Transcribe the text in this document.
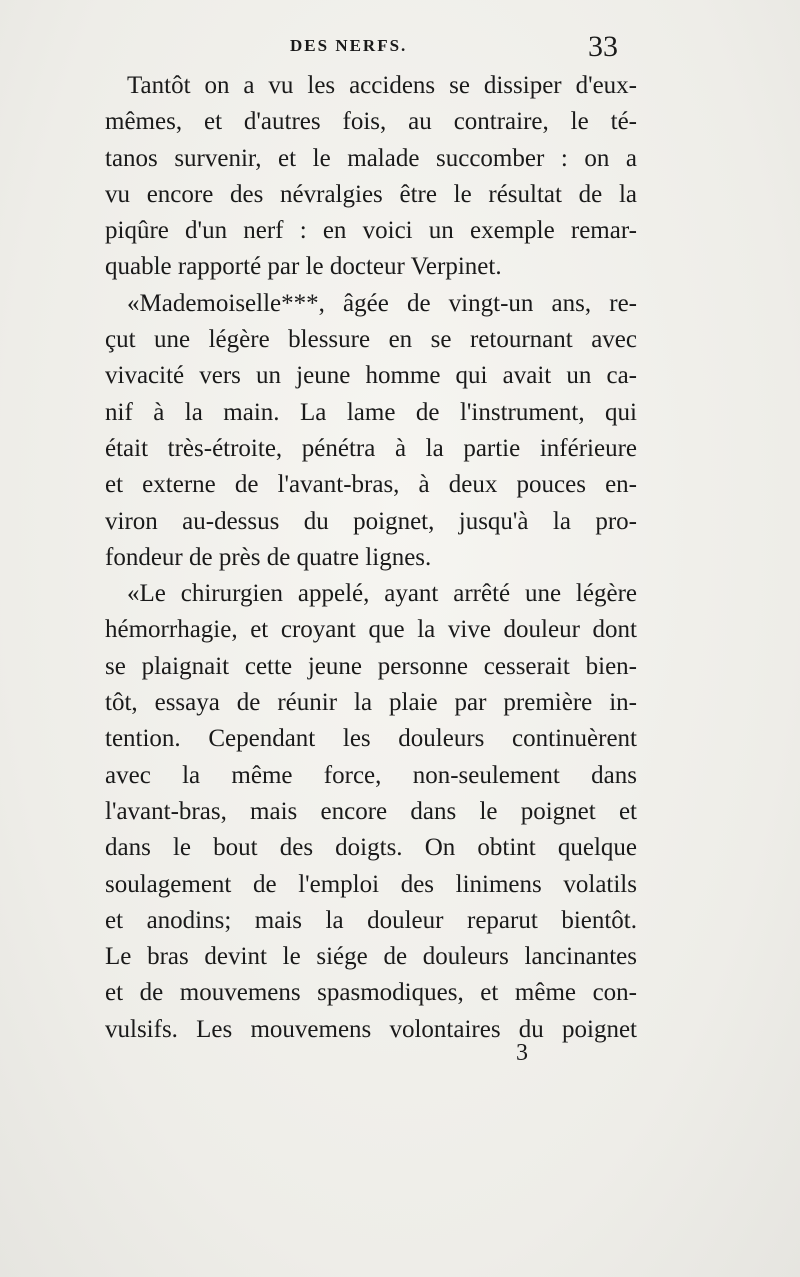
DES NERFS.	33
Tantôt on a vu les accidens se dissiper d'eux-
mêmes, et d'autres fois, au contraire, le té-
tanos survenir, et le malade succomber : on a
vu encore des névralgies être le résultat de la
piqûre d'un nerf : en voici un exemple remar-
quable rapporté par le docteur Verpinet.
«Mademoiselle***, âgée de vingt-un ans, re-
çut une légère blessure en se retournant avec
vivacité vers un jeune homme qui avait un ca-
nif à la main. La lame de l'instrument, qui
était très-étroite, pénétra à la partie inférieure
et externe de l'avant-bras, à deux pouces en-
viron au-dessus du poignet, jusqu'à la pro-
fondeur de près de quatre lignes.
«Le chirurgien appelé, ayant arrêté une légère
hémorrhagie, et croyant que la vive douleur dont
se plaignait cette jeune personne cesserait bien-
tôt, essaya de réunir la plaie par première in-
tention. Cependant les douleurs continuèrent
avec la même force, non-seulement dans
l'avant-bras, mais encore dans le poignet et
dans le bout des doigts. On obtint quelque
soulagement de l'emploi des linimens volatils
et anodins; mais la douleur reparut bientôt.
Le bras devint le siége de douleurs lancinantes
et de mouvemens spasmodiques, et même con-
vulsifs. Les mouvemens volontaires du poignet
3
